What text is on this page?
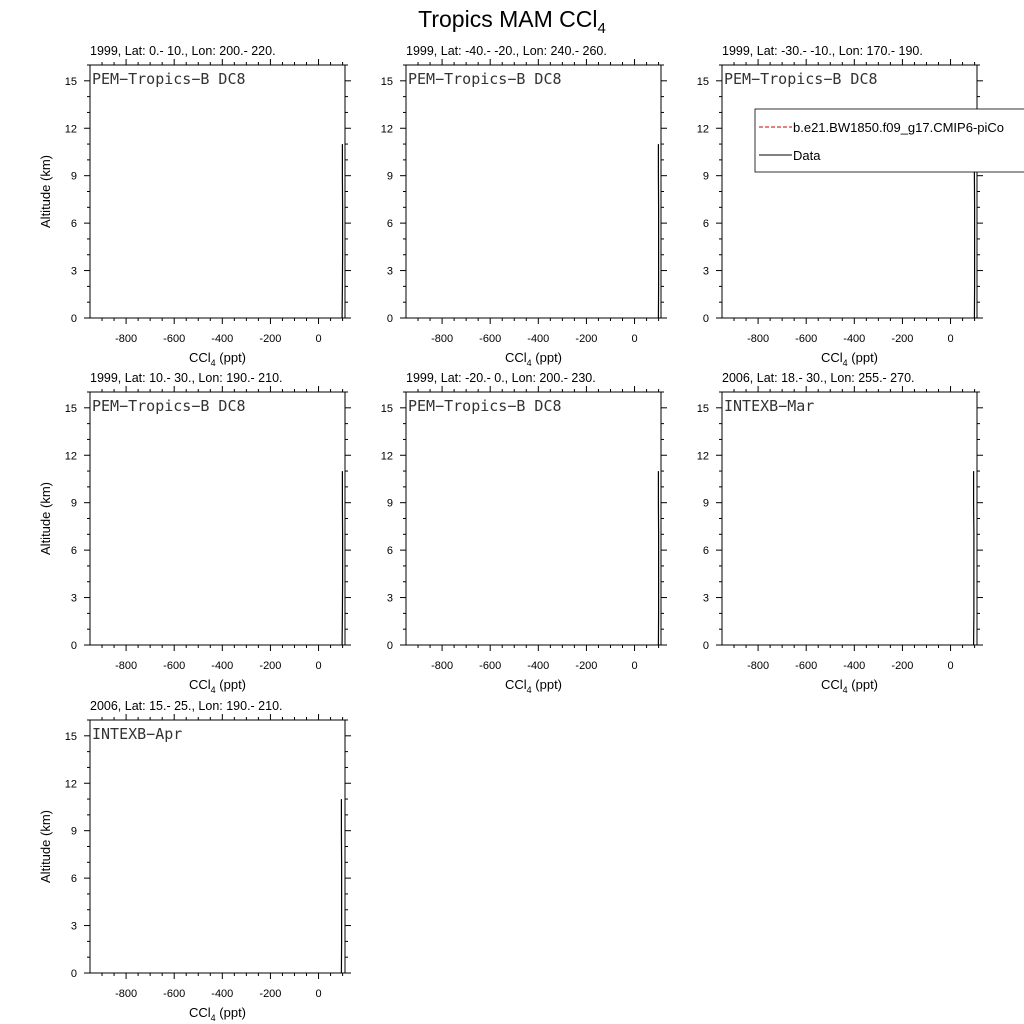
Tropics MAM CCl$_4$
1999, Lat: 0.- 10., Lon: 200.- 220.
PEM−Tropics−B DC8
-800 -600 -400 -200	0
0
3
6
9
12
15
CCl$_4$ (ppt)
Altitude (km)
1999, Lat: -40.- -20., Lon: 240.- 260.
PEM−Tropics−B DC8
-800 -600 -400 -200	0
0
3
6
9
12
15
CCl$_4$ (ppt)
1999, Lat: -30.- -10., Lon: 170.- 190.
PEM−Tropics−B DC8
-800 -600 -400 -200	0
0
3
6
9
12
15
CCl$_4$ (ppt)
b.e21.BW1850.f09_g17.CMIP6-piCo
Data
1999, Lat: 10.- 30., Lon: 190.- 210.
PEM−Tropics−B DC8
-800 -600 -400 -200	0
0
3
6
9
12
15
CCl$_4$ (ppt)
Altitude (km)
1999, Lat: -20.- 0., Lon: 200.- 230.
PEM−Tropics−B DC8
-800 -600 -400 -200	0
0
3
6
9
12
15
CCl$_4$ (ppt)
2006, Lat: 18.- 30., Lon: 255.- 270.
INTEXB−Mar
-800 -600 -400 -200	0
0
3
6
9
12
15
CCl$_4$ (ppt)
2006, Lat: 15.- 25., Lon: 190.- 210.
INTEXB−Apr
-800 -600 -400 -200	0
0
3
6
9
12
15
CCl$_4$ (ppt)
Altitude (km)
